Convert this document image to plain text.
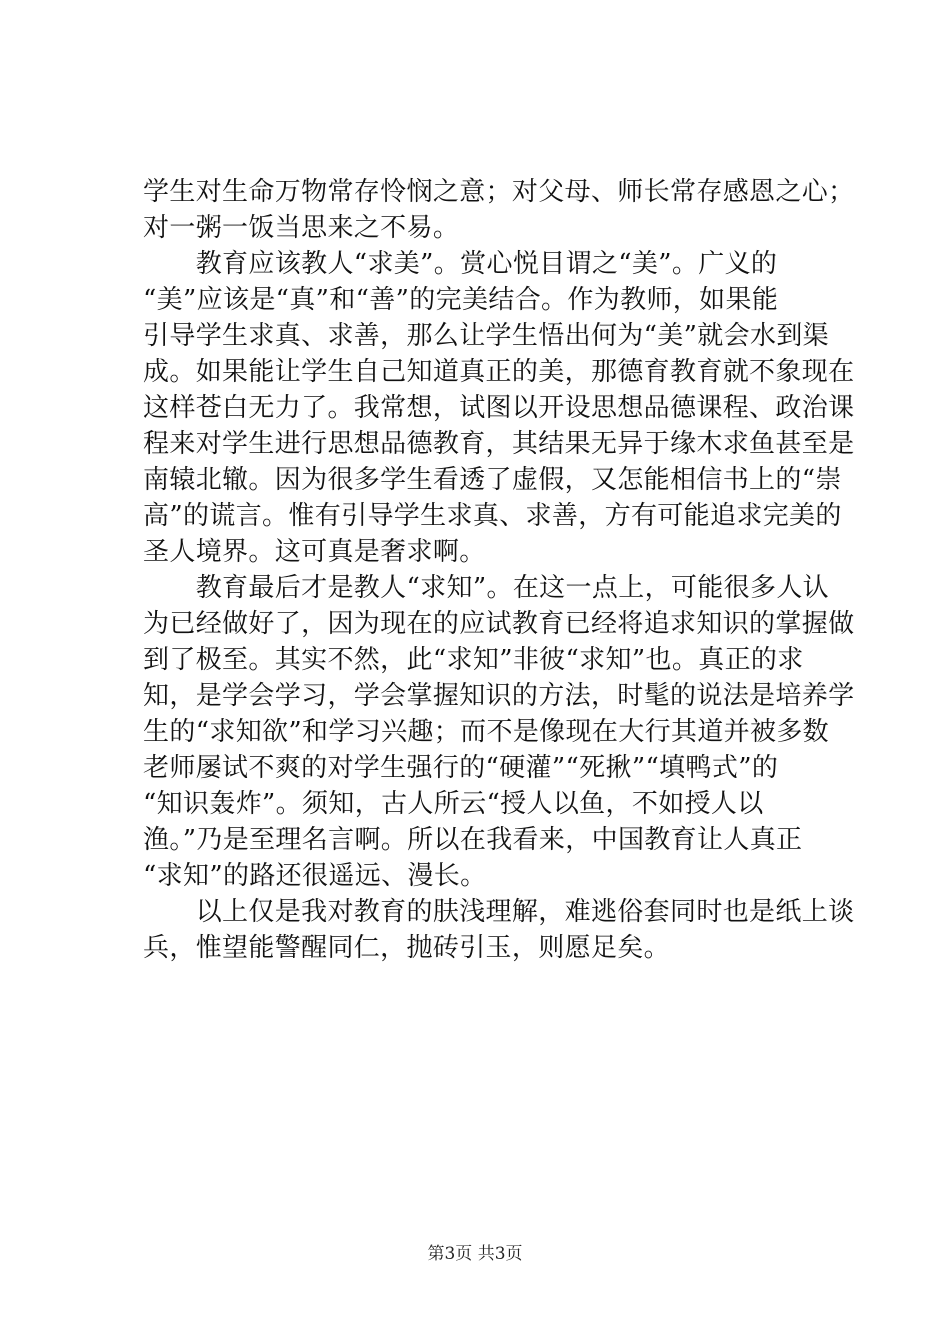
学生对生命万物常存怜悯之意；对父母、师长常存感恩之心；
对一粥一饭当思来之不易。
　　教育应该教人“求美”。赏心悦目谓之“美”。广义的
“美”应该是“真”和“善”的完美结合。作为教师，如果能
引导学生求真、求善，那么让学生悟出何为“美”就会水到渠
成。如果能让学生自己知道真正的美，那德育教育就不象现在
这样苍白无力了。我常想，试图以开设思想品德课程、政治课
程来对学生进行思想品德教育，其结果无异于缘木求鱼甚至是
南辕北辙。因为很多学生看透了虚假，又怎能相信书上的“崇
高”的谎言。惟有引导学生求真、求善，方有可能追求完美的
圣人境界。这可真是奢求啊。
　　教育最后才是教人“求知”。在这一点上，可能很多人认
为已经做好了，因为现在的应试教育已经将追求知识的掌握做
到了极至。其实不然，此“求知”非彼“求知”也。真正的求
知，是学会学习，学会掌握知识的方法，时髦的说法是培养学
生的“求知欲”和学习兴趣；而不是像现在大行其道并被多数
老师屡试不爽的对学生强行的“硬灌”“死揪”“填鸭式”的
“知识轰炸”。须知，古人所云“授人以鱼，不如授人以
渔。”乃是至理名言啊。所以在我看来，中国教育让人真正
“求知”的路还很遥远、漫长。
　　以上仅是我对教育的肤浅理解，难逃俗套同时也是纸上谈
兵，惟望能警醒同仁，抛砖引玉，则愿足矣。
第3页 共3页
